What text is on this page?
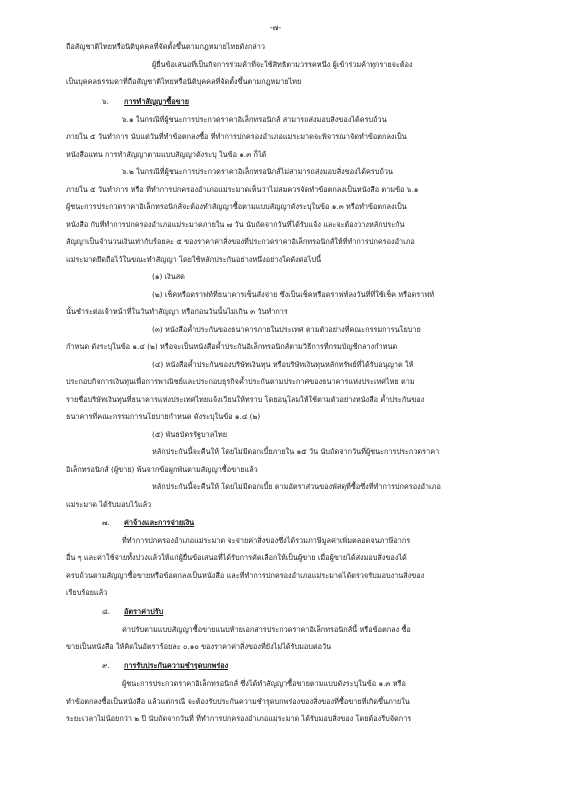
-๗-
ถือสัญชาติไทยหรือนิติบุคคลที่จัดตั้งขึ้นตามกฎหมายไทยดังกล่าว
ผู้ยื่นข้อเสนอที่เป็นกิจการร่วมค้าที่จะใช้สิทธิตามวรรคหนึ่ง ผู้เข้าร่วมค้าทุกรายจะต้อง
เป็นบุคคลธรรมดาที่ถือสัญชาติไทยหรือนิติบุคคลที่จัดตั้งขึ้นตามกฎหมายไทย
๖. การทำสัญญาซื้อขาย
๖.๑ ในกรณีที่ผู้ชนะการประกวดราคาอิเล็กทรอนิกส์ สามารถส่งมอบสิ่งของได้ครบถ้วน
ภายใน ๕ วันทำการ นับแต่วันที่ทำข้อตกลงซื้อ ที่ทำการปกครองอำเภอแม่ระมาดจะพิจารณาจัดทำข้อตกลงเป็น
หนังสือแทน การทำสัญญาตามแบบสัญญาดังระบุ ในข้อ ๑.๓ ก็ได้
๖.๒ ในกรณีที่ผู้ชนะการประกวดราคาอิเล็กทรอนิกส์ไม่สามารถส่งมอบสิ่งของได้ครบถ้วน
ภายใน ๕ วันทำการ หรือ ที่ทำการปกครองอำเภอแม่ระมาดเห็นว่าไม่สมควรจัดทำข้อตกลงเป็นหนังสือ ตามข้อ ๖.๑
ผู้ชนะการประกวดราคาอิเล็กทรอนิกส์จะต้องทำสัญญาซื้อตามแบบสัญญาดังระบุในข้อ ๑.๓ หรือทำข้อตกลงเป็น
หนังสือ กับที่ทำการปกครองอำเภอแม่ระมาดภายใน ๗ วัน นับถัดจากวันที่ได้รับแจ้ง และจะต้องวางหลักประกัน
สัญญาเป็นจำนวนเงินเท่ากับร้อยละ ๕ ของราคาค่าสิ่งของที่ประกวดราคาอิเล็กทรอนิกส์ให้ที่ทำการปกครองอำเภอ
แม่ระมาดยึดถือไว้ในขณะทำสัญญา โดยใช้หลักประกันอย่างหนึ่งอย่างใดดังต่อไปนี้
(๑) เงินสด
(๒) เช็คหรือดราฟท์ที่ธนาคารเซ็นสั่งจ่าย ซึ่งเป็นเช็คหรือดราฟท์ลงวันที่ที่ใช้เช็ค หรือดราฟท์
นั้นชำระต่อเจ้าหน้าที่ในวันทำสัญญา หรือก่อนวันนั้นไม่เกิน ๓ วันทำการ
(๓) หนังสือค้ำประกันของธนาคารภายในประเทศ ตามตัวอย่างที่คณะกรรมการนโยบาย
กำหนด ดังระบุในข้อ ๑.๔ (๒) หรือจะเป็นหนังสือค้ำประกันอิเล็กทรอนิกส์ตามวิธีการที่กรมบัญชีกลางกำหนด
(๔) หนังสือค้ำประกันของบริษัทเงินทุน หรือบริษัทเงินทุนหลักทรัพย์ที่ได้รับอนุญาต ให้
ประกอบกิจการเงินทุนเพื่อการพาณิชย์และประกอบธุรกิจค้ำประกันตามประกาศของธนาคารแห่งประเทศไทย ตาม
รายชื่อบริษัทเงินทุนที่ธนาคารแห่งประเทศไทยแจ้งเวียนให้ทราบ โดยอนุโลมให้ใช้ตามตัวอย่างหนังสือ ค้ำประกันของ
ธนาคารที่คณะกรรมการนโยบายกำหนด ดังระบุในข้อ ๑.๔ (๒)
(๕) พันธบัตรรัฐบาลไทย
หลักประกันนี้จะคืนให้ โดยไม่มีดอกเบี้ยภายใน ๑๕ วัน นับถัดจากวันที่ผู้ชนะการประกวดราคา
อิเล็กทรอนิกส์ (ผู้ขาย) พ้นจากข้อผูกพันตามสัญญาซื้อขายแล้ว
หลักประกันนี้จะคืนให้ โดยไม่มีดอกเบี้ย ตามอัตราส่วนของพัสดุที่ซื้อซึ่งที่ทำการปกครองอำเภอ
แม่ระมาด ได้รับมอบไว้แล้ว
๗. ค่าจ้างและการจ่ายเงิน
ที่ทำการปกครองอำเภอแม่ระมาด จะจ่ายค่าสิ่งของซึ่งได้รวมภาษีมูลค่าเพิ่มตลอดจนภาษีอากร
อื่น ๆ และค่าใช้จ่ายทั้งปวงแล้วให้แก่ผู้ยื่นข้อเสนอที่ได้รับการคัดเลือกให้เป็นผู้ขาย เมื่อผู้ขายได้ส่งมอบสิ่งของได้
ครบถ้วนตามสัญญาซื้อขายหรือข้อตกลงเป็นหนังสือ และที่ทำการปกครองอำเภอแม่ระมาดได้ตรวจรับมอบงานสิ่งของ
เรียบร้อยแล้ว
๘. อัตราค่าปรับ
ค่าปรับตามแบบสัญญาซื้อขายแนบท้ายเอกสารประกวดราคาอิเล็กทรอนิกส์นี้ หรือข้อตกลง ซื้อ
ขายเป็นหนังสือ ให้คิดในอัตราร้อยละ ๐.๑๐ ของราคาค่าสิ่งของที่ยังไม่ได้รับมอบต่อวัน
๙. การรับประกันความชำรุดบกพร่อง
ผู้ชนะการประกวดราคาอิเล็กทรอนิกส์ ซึ่งได้ทำสัญญาซื้อขายตามแบบดังระบุในข้อ ๑.๓ หรือ
ทำข้อตกลงซื้อเป็นหนังสือ แล้วแต่กรณี จะต้องรับประกันความชำรุดบกพร่องของสิ่งของที่ซื้อขายที่เกิดขึ้นภายใน
ระยะเวลาไม่น้อยกว่า ๒ ปี นับถัดจากวันที่ ที่ทำการปกครองอำเภอแม่ระมาด ได้รับมอบสิ่งของ โดยต้องรีบจัดการ
